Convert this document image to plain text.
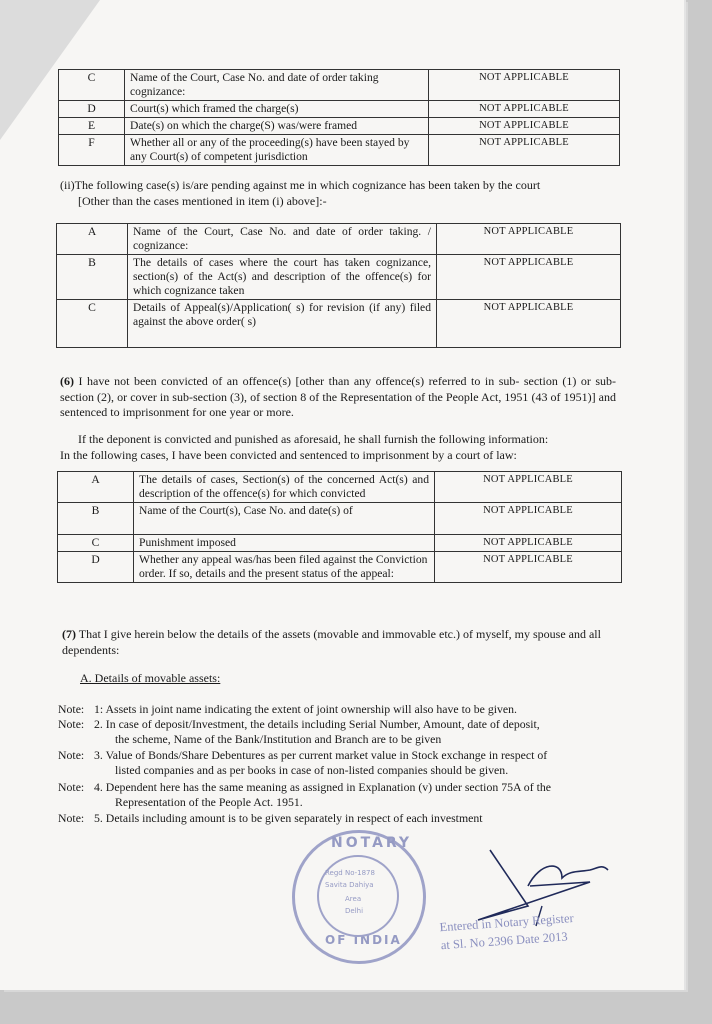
C	Name of the Court, Case No. and date of order taking cognizance:	NOT APPLICABLE
D	Court(s) which framed the charge(s)	NOT APPLICABLE
E	Date(s) on which the charge(S) was/were framed	NOT APPLICABLE
F	Whether all or any of the proceeding(s) have been stayed by any Court(s) of competent jurisdiction	NOT APPLICABLE
(ii)The following case(s) is/are pending against me in which cognizance has been taken by the court
[Other than the cases mentioned in item (i) above]:-
A	Name of the Court, Case No. and date of order taking. / cognizance:	NOT APPLICABLE
B	The details of cases where the court has taken cognizance, section(s) of the Act(s) and description of the offence(s) for which cognizance taken	NOT APPLICABLE
C	Details of Appeal(s)/Application( s) for revision (if any) filed against the above order( s)	NOT APPLICABLE
(6) I have not been convicted of an offence(s) [other than any offence(s) referred to in sub- section (1) or sub-section (2), or cover in sub-section (3), of section 8 of the Representation of the People Act, 1951 (43 of 1951)] and sentenced to imprisonment for one year or more.
If the deponent is convicted and punished as aforesaid, he shall furnish the following information:
In the following cases, I have been convicted and sentenced to imprisonment by a court of law:
A	The details of cases, Section(s) of the concerned Act(s) and description of the offence(s) for which convicted	NOT APPLICABLE
B	Name of the Court(s), Case No. and date(s) of	NOT APPLICABLE
C	Punishment imposed	NOT APPLICABLE
D	Whether any appeal was/has been filed against the Conviction order. If so, details and the present status of the appeal:	NOT APPLICABLE
(7) That I give herein below the details of the assets (movable and immovable etc.) of myself, my spouse and all dependents:
A. Details of movable assets:
Note: 1: Assets in joint name indicating the extent of joint ownership will also have to be given.
Note: 2. In case of deposit/Investment, the details including Serial Number, Amount, date of deposit,
the scheme, Name of the Bank/Institution and Branch are to be given
Note: 3. Value of Bonds/Share Debentures as per current market value in Stock exchange in respect of
listed companies and as per books in case of non-listed companies should be given.
Note: 4. Dependent here has the same meaning as assigned in Explanation (v) under section 75A of the
Representation of the People Act. 1951.
Note: 5. Details including amount is to be given separately in respect of each investment
NOTARY
OF INDIA
Regd No-1878
Savita Dahiya
Area
Delhi	Entered in Notary Register
at Sl. No 2396 Date 2013
